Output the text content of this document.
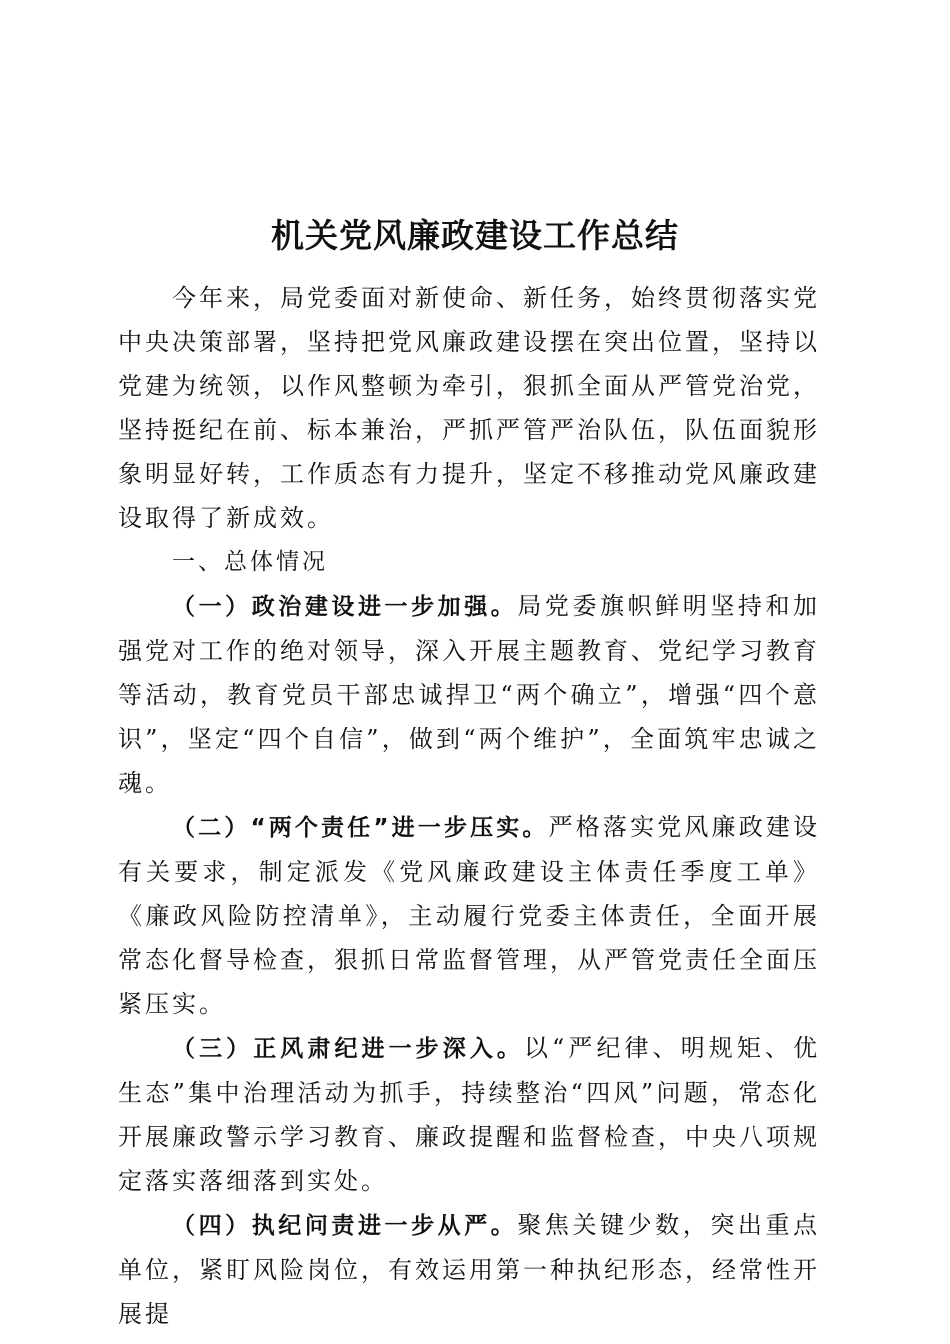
机关党风廉政建设工作总结

今年来，局党委面对新使命、新任务，始终贯彻落实党中央决策部署，坚持把党风廉政建设摆在突出位置，坚持以党建为统领，以作风整顿为牵引，狠抓全面从严管党治党，坚持挺纪在前、标本兼治，严抓严管严治队伍，队伍面貌形象明显好转，工作质态有力提升，坚定不移推动党风廉政建设取得了新成效。

一、总体情况

（一）政治建设进一步加强。局党委旗帜鲜明坚持和加强党对工作的绝对领导，深入开展主题教育、党纪学习教育等活动，教育党员干部忠诚捍卫“两个确立”，增强“四个意识”，坚定“四个自信”，做到“两个维护”，全面筑牢忠诚之魂。

（二）“两个责任”进一步压实。严格落实党风廉政建设有关要求，制定派发《党风廉政建设主体责任季度工单》《廉政风险防控清单》，主动履行党委主体责任，全面开展常态化督导检查，狠抓日常监督管理，从严管党责任全面压紧压实。

（三）正风肃纪进一步深入。以“严纪律、明规矩、优生态”集中治理活动为抓手，持续整治“四风”问题，常态化开展廉政警示学习教育、廉政提醒和监督检查，中央八项规定落实落细落到实处。

（四）执纪问责进一步从严。聚焦关键少数，突出重点单位，紧盯风险岗位，有效运用第一种执纪形态，经常性开展提
